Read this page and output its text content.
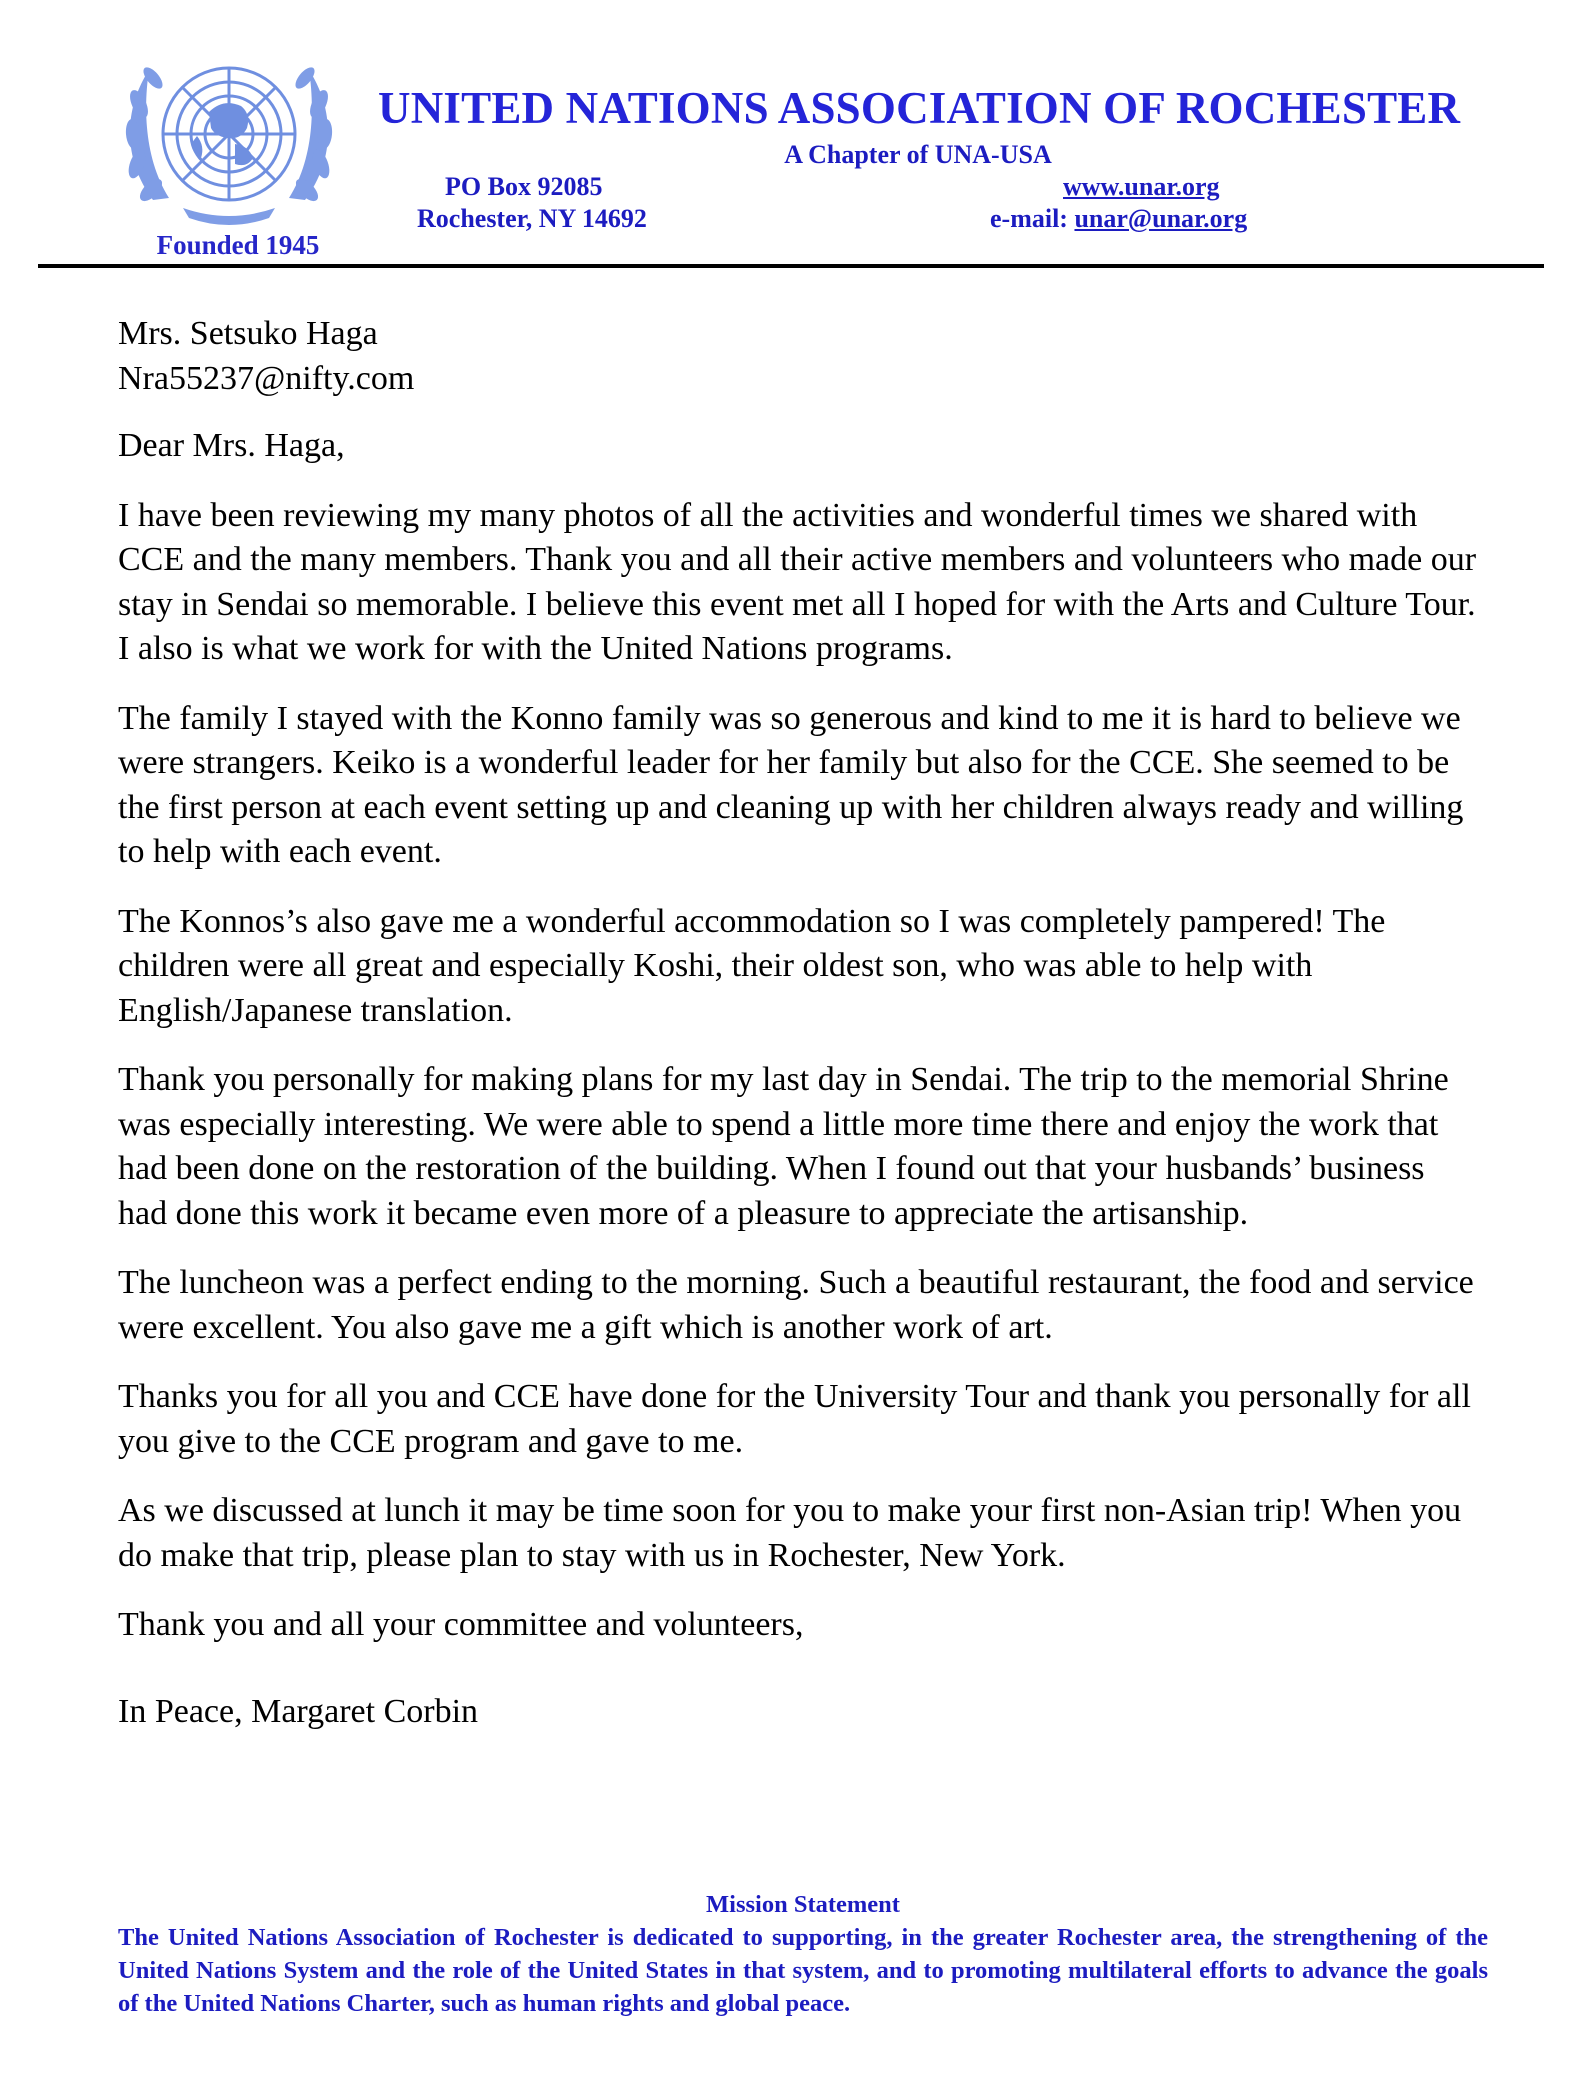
Founded 1945
UNITED NATIONS ASSOCIATION OF ROCHESTER
A Chapter of UNA-USA
PO Box 92085
Rochester, NY 14692
www.unar.org
e-mail: unar@unar.org

Mrs. Setsuko Haga
Nra55237@nifty.com

Dear Mrs. Haga,

I have been reviewing my many photos of all the activities and wonderful times we shared with CCE and the many members. Thank you and all their active members and volunteers who made our stay in Sendai so memorable. I believe this event met all I hoped for with the Arts and Culture Tour. I also is what we work for with the United Nations programs.

The family I stayed with the Konno family was so generous and kind to me it is hard to believe we were strangers. Keiko is a wonderful leader for her family but also for the CCE. She seemed to be the first person at each event setting up and cleaning up with her children always ready and willing to help with each event.

The Konnos’s also gave me a wonderful accommodation so I was completely pampered! The children were all great and especially Koshi, their oldest son, who was able to help with English/Japanese translation.

Thank you personally for making plans for my last day in Sendai. The trip to the memorial Shrine was especially interesting. We were able to spend a little more time there and enjoy the work that had been done on the restoration of the building. When I found out that your husbands’ business had done this work it became even more of a pleasure to appreciate the artisanship.

The luncheon was a perfect ending to the morning. Such a beautiful restaurant, the food and service were excellent. You also gave me a gift which is another work of art.

Thanks you for all you and CCE have done for the University Tour and thank you personally for all you give to the CCE program and gave to me.

As we discussed at lunch it may be time soon for you to make your first non-Asian trip! When you do make that trip, please plan to stay with us in Rochester, New York.

Thank you and all your committee and volunteers,

In Peace, Margaret Corbin

Mission Statement
The United Nations Association of Rochester is dedicated to supporting, in the greater Rochester area, the strengthening of the United Nations System and the role of the United States in that system, and to promoting multilateral efforts to advance the goals of the United Nations Charter, such as human rights and global peace.
